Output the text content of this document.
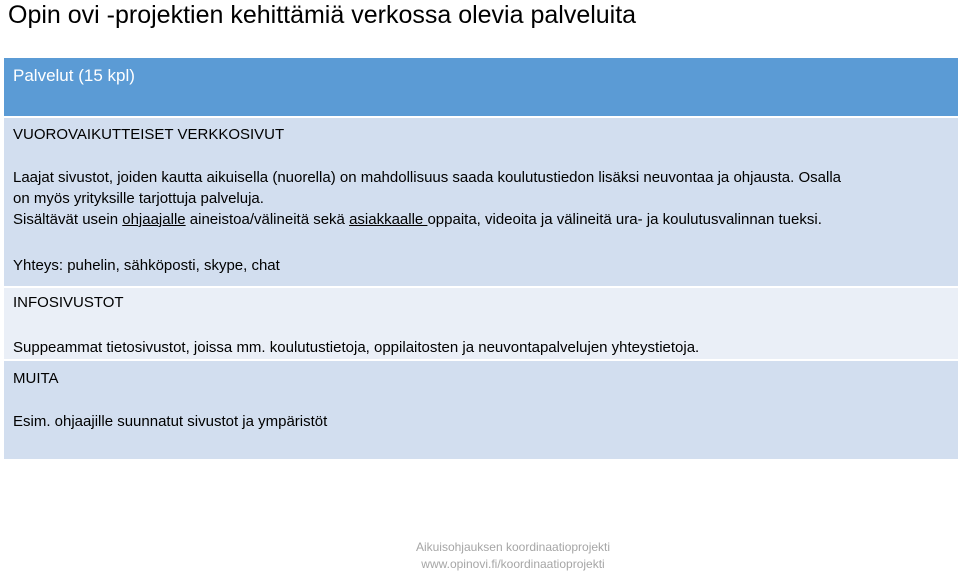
Opin ovi -projektien kehittämiä verkossa olevia palveluita
Palvelut (15 kpl)
VUOROVAIKUTTEISET VERKKOSIVUT
Laajat sivustot, joiden kautta aikuisella (nuorella) on mahdollisuus saada koulutustiedon lisäksi neuvontaa ja ohjausta. Osalla
on myös yrityksille tarjottuja palveluja.
Sisältävät usein ohjaajalle aineistoa/välineitä sekä asiakkaalle oppaita, videoita ja välineitä ura- ja koulutusvalinnan tueksi.
Yhteys: puhelin, sähköposti, skype, chat
INFOSIVUSTOT
Suppeammat tietosivustot, joissa mm. koulutustietoja, oppilaitosten ja neuvontapalvelujen yhteystietoja.
MUITA
Esim. ohjaajille suunnatut sivustot ja ympäristöt
Aikuisohjauksen koordinaatioprojekti
www.opinovi.fi/koordinaatioprojekti
